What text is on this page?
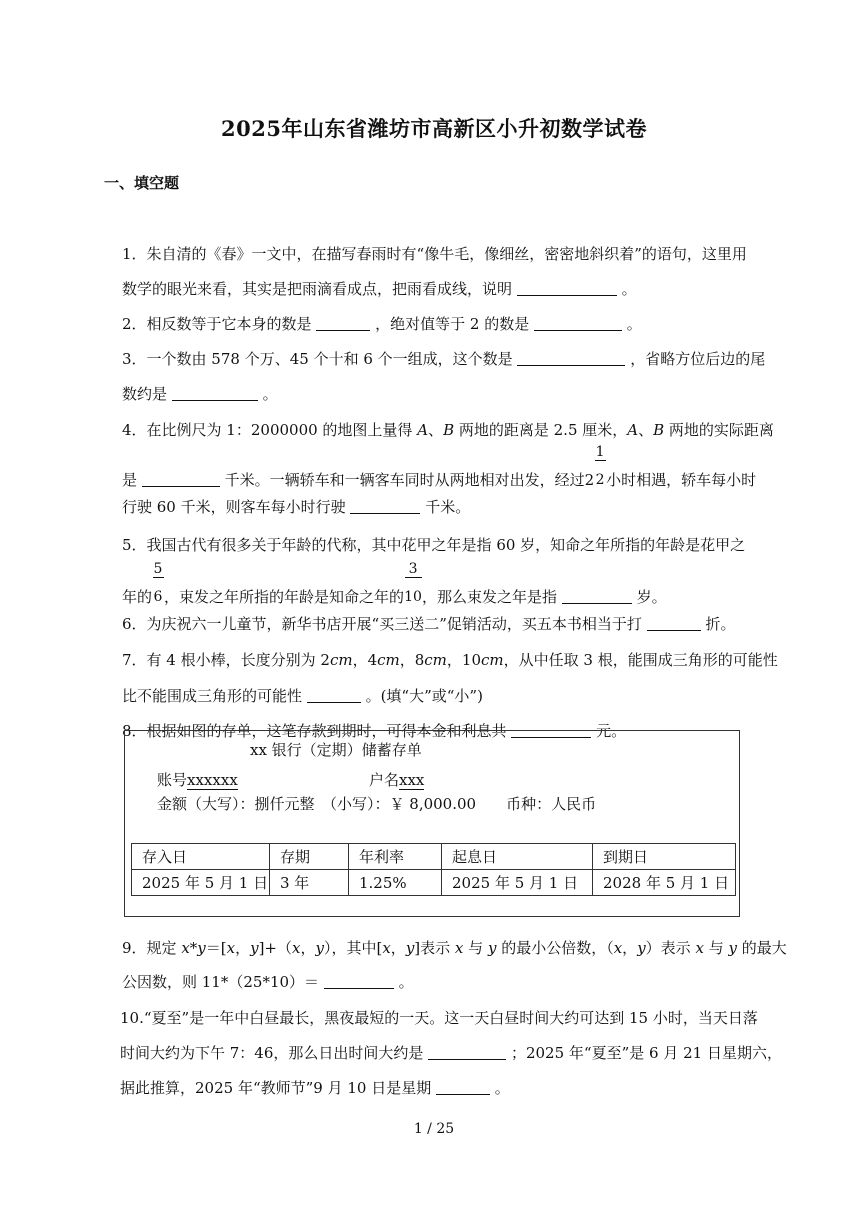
2025年山东省潍坊市高新区小升初数学试卷
一、填空题
1．朱自清的《春》一文中，在描写春雨时有“像牛毛，像细丝，密密地斜织着”的语句，这里用
数学的眼光来看，其实是把雨滴看成点，把雨看成线，说明	。
2．相反数等于它本身的数是	，绝对值等于 2 的数是	。
3．一个数由 578 个万、45 个十和 6 个一组成，这个数是	，省略方位后边的尾
数约是	。
4．在比例尺为 1：2000000 的地图上量得 A、B 两地的距离是 2.5 厘米，A、B 两地的实际距离
是	千米。一辆轿车和一辆客车同时从两地相对出发，经过$2 \frac{1}{2}$ 小时相遇，轿车每小时
行驶 60 千米，则客车每小时行驶	千米。
5．我国古代有很多关于年龄的代称，其中花甲之年是指 60 岁，知命之年所指的年龄是花甲之
年的 $\frac{5}{6}$ ，束发之年所指的年龄是知命之年的 $\frac{3}{10}$ ，那么束发之年是指	岁。
6．为庆祝六一儿童节，新华书店开展“买三送二”促销活动，买五本书相当于打	折。
7．有 4 根小棒，长度分别为 2cm，4cm，8cm，10cm，从中任取 3 根，能围成三角形的可能性
比不能围成三角形的可能性	。(填“大”或“小”)
8．根据如图的存单，这笔存款到期时，可得本金和利息共	元。
xx 银行（定期）储蓄存单
账号xxxxxx	户名xxx
金额（大写）：捌仟元整　（小写）：￥ 8,000.00　　币种：人民币
存入日	存期	年利率	起息日	到期日
2025 年 5 月 1 日	3 年	1.25%	2025 年 5 月 1 日	2028 年 5 月 1 日
9．规定 x*y＝[x，y]+（x，y），其中[x，y]表示 x 与 y 的最小公倍数，（x，y）表示 x 与 y 的最大
公因数，则 11*（25*10）＝	。
10.“夏至”是一年中白昼最长，黑夜最短的一天。这一天白昼时间大约可达到 15 小时，当天日落
时间大约为下午 7：46，那么日出时间大约是	；2025 年“夏至”是 6 月 21 日星期六，
据此推算，2025 年“教师节”9 月 10 日是星期	。
1 / 25
